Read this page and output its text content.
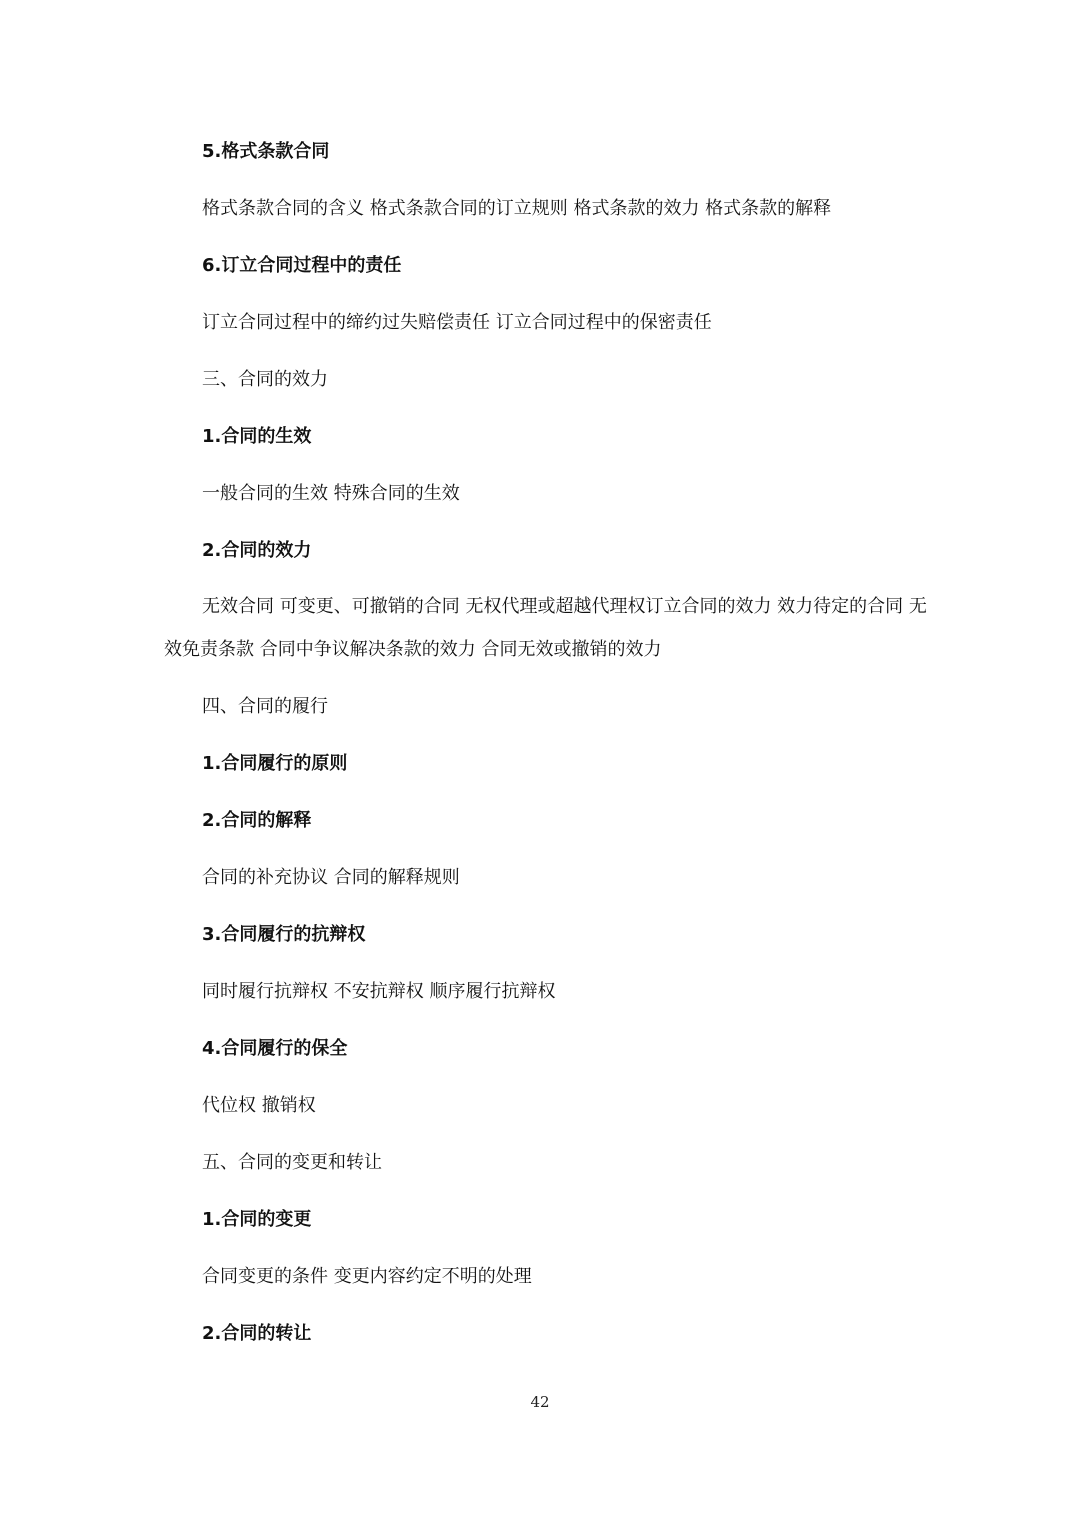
5.格式条款合同
格式条款合同的含义 格式条款合同的订立规则 格式条款的效力 格式条款的解释
6.订立合同过程中的责任
订立合同过程中的缔约过失赔偿责任 订立合同过程中的保密责任
三、合同的效力
1.合同的生效
一般合同的生效 特殊合同的生效
2.合同的效力
无效合同 可变更、可撤销的合同 无权代理或超越代理权订立合同的效力 效力待定的合同 无效免责条款 合同中争议解决条款的效力 合同无效或撤销的效力
四、合同的履行
1.合同履行的原则
2.合同的解释
合同的补充协议 合同的解释规则
3.合同履行的抗辩权
同时履行抗辩权 不安抗辩权 顺序履行抗辩权
4.合同履行的保全
代位权 撤销权
五、合同的变更和转让
1.合同的变更
合同变更的条件 变更内容约定不明的处理
2.合同的转让
42
